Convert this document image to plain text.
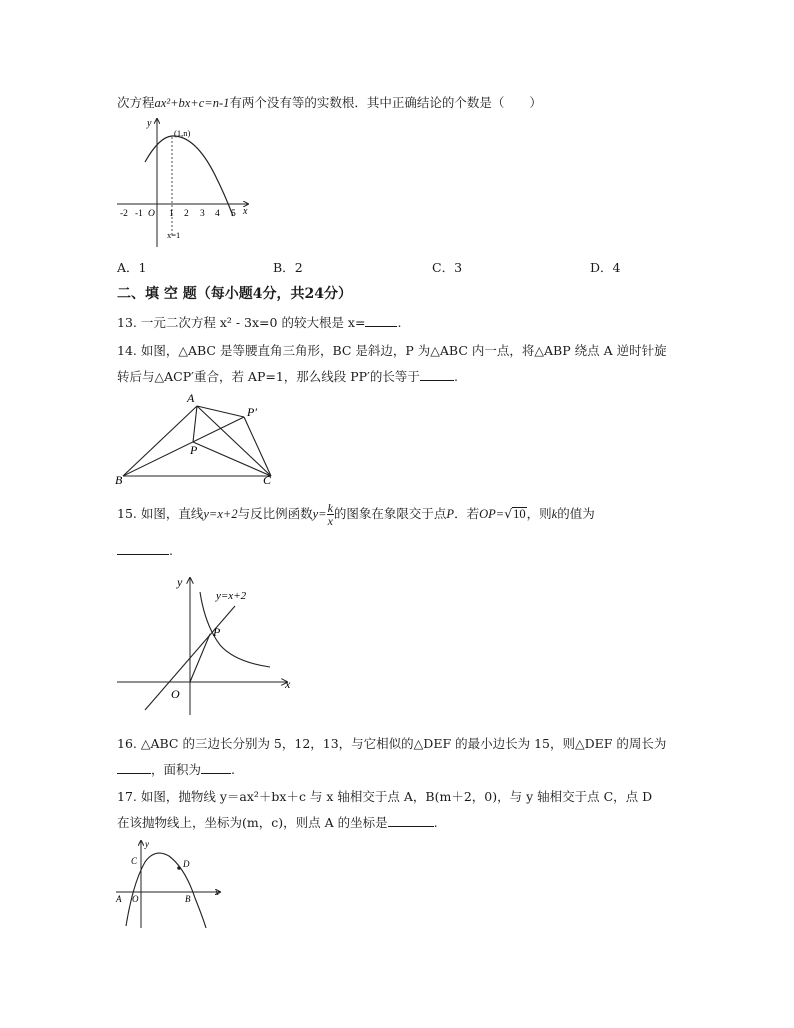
次方程ax²+bx+c=n-1有两个没有等的实数根．其中正确结论的个数是（　　）
y
x
(1,n)
x=1
-2 -1 O 1 2 3 4 5
A．1	B．2	C．3	D．4
二、填 空 题（每小题4分，共24分）
13. 一元二次方程 x² - 3x=0 的较大根是 x=	.
14. 如图，△ABC 是等腰直角三角形，BC 是斜边，P 为△ABC 内一点，将△ABP 绕点 A 逆时针旋
转后与△ACP′重合，若 AP=1，那么线段 PP′的长等于	.
A
P′
P
B	C
15. 如图，直线y=x+2与反比例函数$y= \frac{k}{x}$ 的图象在象限交于点P．若OP=√10，则k的值为
.
y
y=x+2
P
x
O
16. △ABC 的三边长分别为 5，12，13，与它相似的△DEF 的最小边长为 15，则△DEF 的周长为
，面积为 .
17. 如图，抛物线 y＝ax²＋bx＋c 与 x 轴相交于点 A，B(m＋2，0)，与 y 轴相交于点 C，点 D
在该抛物线上，坐标为(m，c)，则点 A 的坐标是	.
y
C	D
x
A O	B
